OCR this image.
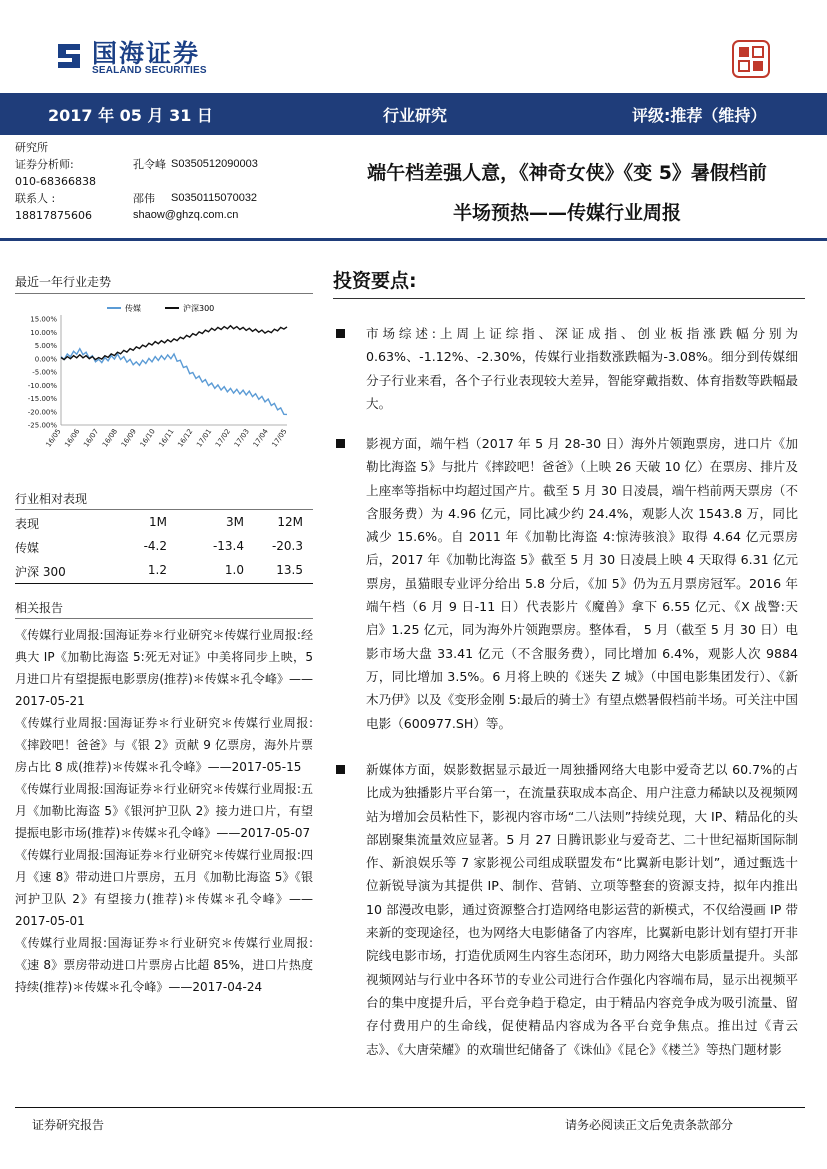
国海证券
SEALAND SECURITIES
2017 年 05 月 31 日	行业研究	评级:推荐（维持）
研究所
证券分析师:	孔令峰 S0350512090003
010-68366838
联系人 :	邵伟 S0350115070032
18817875606	shaow@ghzq.com.cn
端午档差强人意，《神奇女侠》《变 5》暑假档前
半场预热——传媒行业周报
最近一年行业走势
15.00%
10.00%
5.00%
0.00%
-5.00%
-10.00%
-15.00%
-20.00%
-25.00%
16/05 16/06 16/07 16/08 16/09 16/10 16/11 16/12 17/01 17/02 17/03 17/04 17/05
传媒	沪深300
行业相对表现
表现	1M	3M	12M
传媒	-4.2	-13.4	-20.3
沪深 300	1.2	1.0	13.5
相关报告
《传媒行业周报:国海证券＊行业研究＊传媒行业周报:经典大 IP《加勒比海盗 5:死无对证》中美将同步上映，5 月进口片有望提振电影票房(推荐)＊传媒＊孔令峰》——2017-05-21
《传媒行业周报:国海证券＊行业研究＊传媒行业周报:《摔跤吧！爸爸》与《银 2》贡献 9 亿票房，海外片票房占比 8 成(推荐)＊传媒＊孔令峰》——2017-05-15
《传媒行业周报:国海证券＊行业研究＊传媒行业周报:五月《加勒比海盗 5》《银河护卫队 2》接力进口片，有望提振电影市场(推荐)＊传媒＊孔令峰》——2017-05-07
《传媒行业周报:国海证券＊行业研究＊传媒行业周报:四月《速 8》带动进口片票房，五月《加勒比海盗 5》《银河护卫队 2》有望接力(推荐)＊传媒＊孔令峰》——2017-05-01
《传媒行业周报:国海证券＊行业研究＊传媒行业周报:《速 8》票房带动进口片票房占比超 85%，进口片热度持续(推荐)＊传媒＊孔令峰》——2017-04-24
投资要点:
市场综述:上周上证综指、深证成指、创业板指涨跌幅分别为 0.63%、-1.12%、-2.30%，传媒行业指数涨跌幅为-3.08%。细分到传媒细分子行业来看，各个子行业表现较大差异，智能穿戴指数、体育指数等跌幅最大。
影视方面，端午档（2017 年 5 月 28-30 日）海外片领跑票房，进口片《加勒比海盗 5》与批片《摔跤吧！爸爸》（上映 26 天破 10 亿）在票房、排片及上座率等指标中均超过国产片。截至 5 月 30 日凌晨，端午档前两天票房（不含服务费）为 4.96 亿元，同比减少约 24.4%，观影人次 1543.8 万，同比减少 15.6%。自 2011 年《加勒比海盗 4:惊涛骇浪》取得 4.64 亿元票房后，2017 年《加勒比海盗 5》截至 5 月 30 日凌晨上映 4 天取得 6.31 亿元票房，虽猫眼专业评分给出 5.8 分后，《加 5》仍为五月票房冠军。2016 年端午档（6 月 9 日-11 日）代表影片《魔兽》拿下 6.55 亿元、《X 战警:天启》1.25 亿元，同为海外片领跑票房。整体看， 5 月（截至 5 月 30 日）电影市场大盘 33.41 亿元（不含服务费），同比增加 6.4%，观影人次 9884 万，同比增加 3.5%。6 月将上映的《迷失 Z 城》（中国电影集团发行）、《新木乃伊》以及《变形金刚 5:最后的骑士》有望点燃暑假档前半场。可关注中国电影（600977.SH）等。
新媒体方面，娱影数据显示最近一周独播网络大电影中爱奇艺以 60.7%的占比成为独播影片平台第一，在流量获取成本高企、用户注意力稀缺以及视频网站为增加会员粘性下，影视内容市场“二八法则”持续兑现，大 IP、精品化的头部剧聚集流量效应显著。5 月 27 日腾讯影业与爱奇艺、二十世纪福斯国际制作、新浪娱乐等 7 家影视公司组成联盟发布“比翼新电影计划”，通过甄选十位新锐导演为其提供 IP、制作、营销、立项等整套的资源支持，拟年内推出 10 部漫改电影，通过资源整合打造网络电影运营的新模式，不仅给漫画 IP 带来新的变现途径，也为网络大电影储备了内容库，比翼新电影计划有望打开非院线电影市场，打造优质网生内容生态闭环，助力网络大电影质量提升。头部视频网站与行业中各环节的专业公司进行合作强化内容端布局，显示出视频平台的集中度提升后，平台竞争趋于稳定，由于精品内容竞争成为吸引流量、留存付费用户的生命线，促使精品内容成为各平台竞争焦点。推出过《青云志》、《大唐荣耀》的欢瑞世纪储备了《诛仙》《昆仑》《楼兰》等热门题材影
证券研究报告	请务必阅读正文后免责条款部分
